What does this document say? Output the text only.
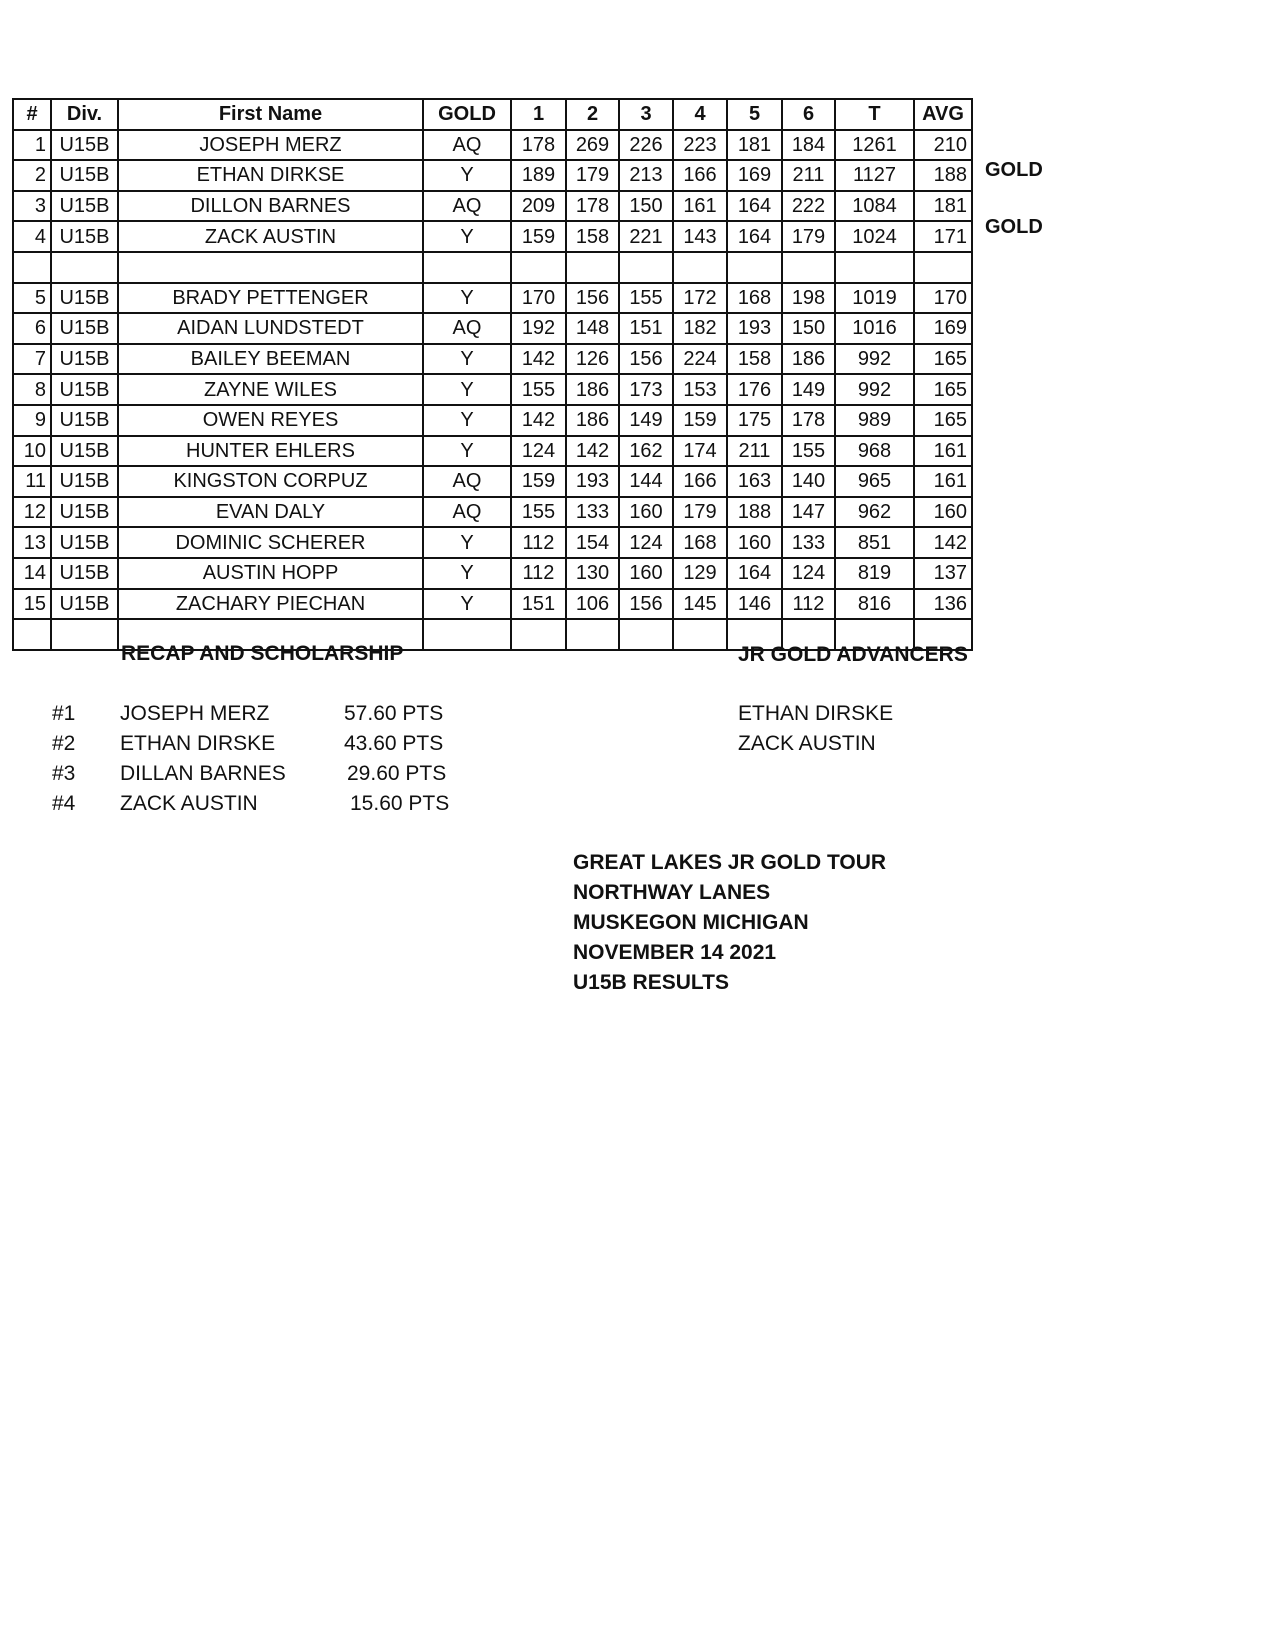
#	Div.	First Name	GOLD	1	2	3	4	5	6	T	AVG
1	U15B	JOSEPH MERZ	AQ	178	269	226	223	181	184	1261	210
2	U15B	ETHAN DIRKSE	Y	189	179	213	166	169	211	1127	188
3	U15B	DILLON BARNES	AQ	209	178	150	161	164	222	1084	181
4	U15B	ZACK AUSTIN	Y	159	158	221	143	164	179	1024	171

5	U15B	BRADY PETTENGER	Y	170	156	155	172	168	198	1019	170
6	U15B	AIDAN LUNDSTEDT	AQ	192	148	151	182	193	150	1016	169
7	U15B	BAILEY BEEMAN	Y	142	126	156	224	158	186	992	165
8	U15B	ZAYNE WILES	Y	155	186	173	153	176	149	992	165
9	U15B	OWEN REYES	Y	142	186	149	159	175	178	989	165
10	U15B	HUNTER EHLERS	Y	124	142	162	174	211	155	968	161
11	U15B	KINGSTON CORPUZ	AQ	159	193	144	166	163	140	965	161
12	U15B	EVAN DALY	AQ	155	133	160	179	188	147	962	160
13	U15B	DOMINIC SCHERER	Y	112	154	124	168	160	133	851	142
14	U15B	AUSTIN HOPP	Y	112	130	160	129	164	124	819	137
15	U15B	ZACHARY PIECHAN	Y	151	106	156	145	146	112	816	136

GOLD
GOLD
RECAP AND SCHOLARSHIP
#1 JOSEPH MERZ	57.60 PTS
#2 ETHAN DIRSKE	43.60 PTS
#3 DILLAN BARNES	29.60 PTS
#4 ZACK AUSTIN	15.60 PTS
JR GOLD ADVANCERS
ETHAN DIRSKE
ZACK AUSTIN
GREAT LAKES JR GOLD TOUR
NORTHWAY LANES
MUSKEGON MICHIGAN
NOVEMBER 14 2021
U15B RESULTS
